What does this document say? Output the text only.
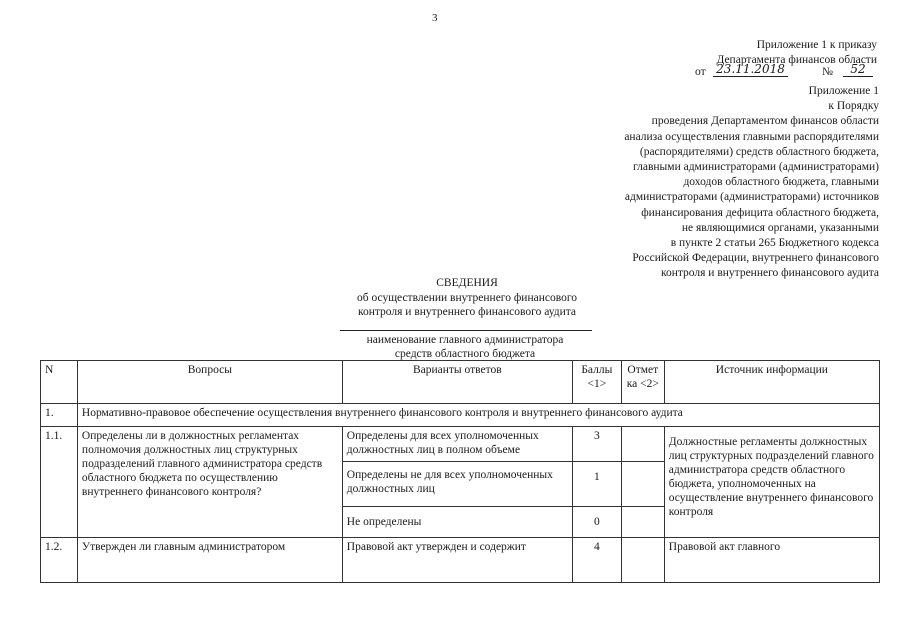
3
Приложение 1 к приказу
Департамента финансов области
от 23.11.2018	№	52
Приложение 1
к Порядку
проведения Департаментом финансов области
анализа осуществления главными распорядителями
(распорядителями) средств областного бюджета,
главными администраторами (администраторами)
доходов областного бюджета, главными
администраторами (администраторами) источников
финансирования дефицита областного бюджета,
не являющимися органами, указанными
в пункте 2 статьи 265 Бюджетного кодекса
Российской Федерации, внутреннего финансового
контроля и внутреннего финансового аудита
СВЕДЕНИЯ
об осуществлении внутреннего финансового
контроля и внутреннего финансового аудита
наименование главного администратора
средств областного бюджета
N	Вопросы	Варианты ответов	Баллы <1>	Отмет ка <2>	Источник информации
1.	Нормативно-правовое обеспечение осуществления внутреннего финансового контроля и внутреннего финансового аудита				
1.1.	Определены ли в должностных регламентах полномочия должностных лиц структурных подразделений главного администратора средств областного бюджета по осуществлению внутреннего финансового контроля?	Определены для всех уполномоченных должностных лиц в полном объеме	3		Должностные регламенты должностных лиц структурных подразделений главного администратора средств областного бюджета, уполномоченных на осуществление внутреннего финансового контроля
		Определены не для всех уполномоченных должностных лиц	1		
		Не определены	0		
1.2.	Утвержден ли главным администратором	Правовой акт утвержден и содержит	4		Правовой акт главного
